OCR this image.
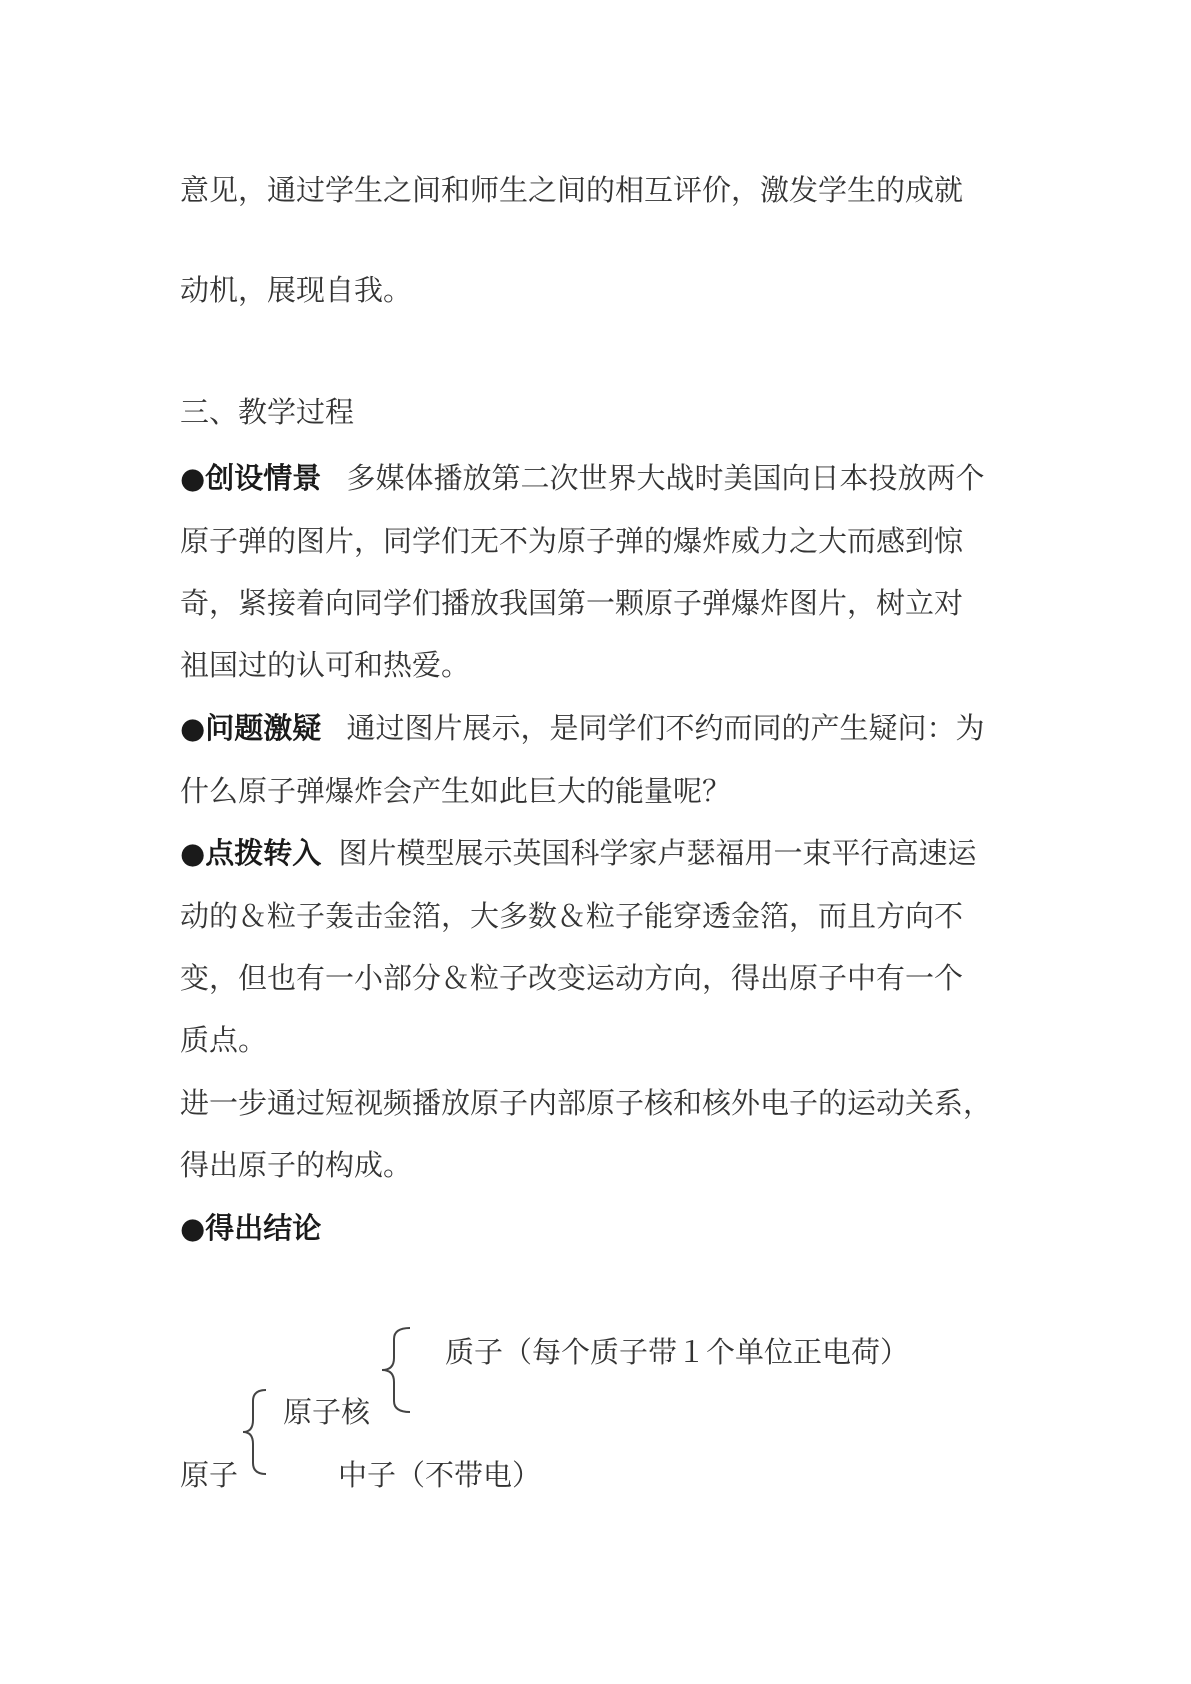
意见，通过学生之间和师生之间的相互评价，激发学生的成就
动机，展现自我。
三、教学过程
●创设情景 多媒体播放第二次世界大战时美国向日本投放两个
原子弹的图片，同学们无不为原子弹的爆炸威力之大而感到惊
奇，紧接着向同学们播放我国第一颗原子弹爆炸图片，树立对
祖国过的认可和热爱。
●问题激疑 通过图片展示，是同学们不约而同的产生疑问：为
什么原子弹爆炸会产生如此巨大的能量呢？
●点拨转入 图片模型展示英国科学家卢瑟福用一束平行高速运
动的＆粒子轰击金箔，大多数＆粒子能穿透金箔，而且方向不
变，但也有一小部分＆粒子改变运动方向，得出原子中有一个
质点。
进一步通过短视频播放原子内部原子核和核外电子的运动关系，
得出原子的构成。
●得出结论
质子（每个质子带１个单位正电荷）
原子核
原子	中子（不带电）
